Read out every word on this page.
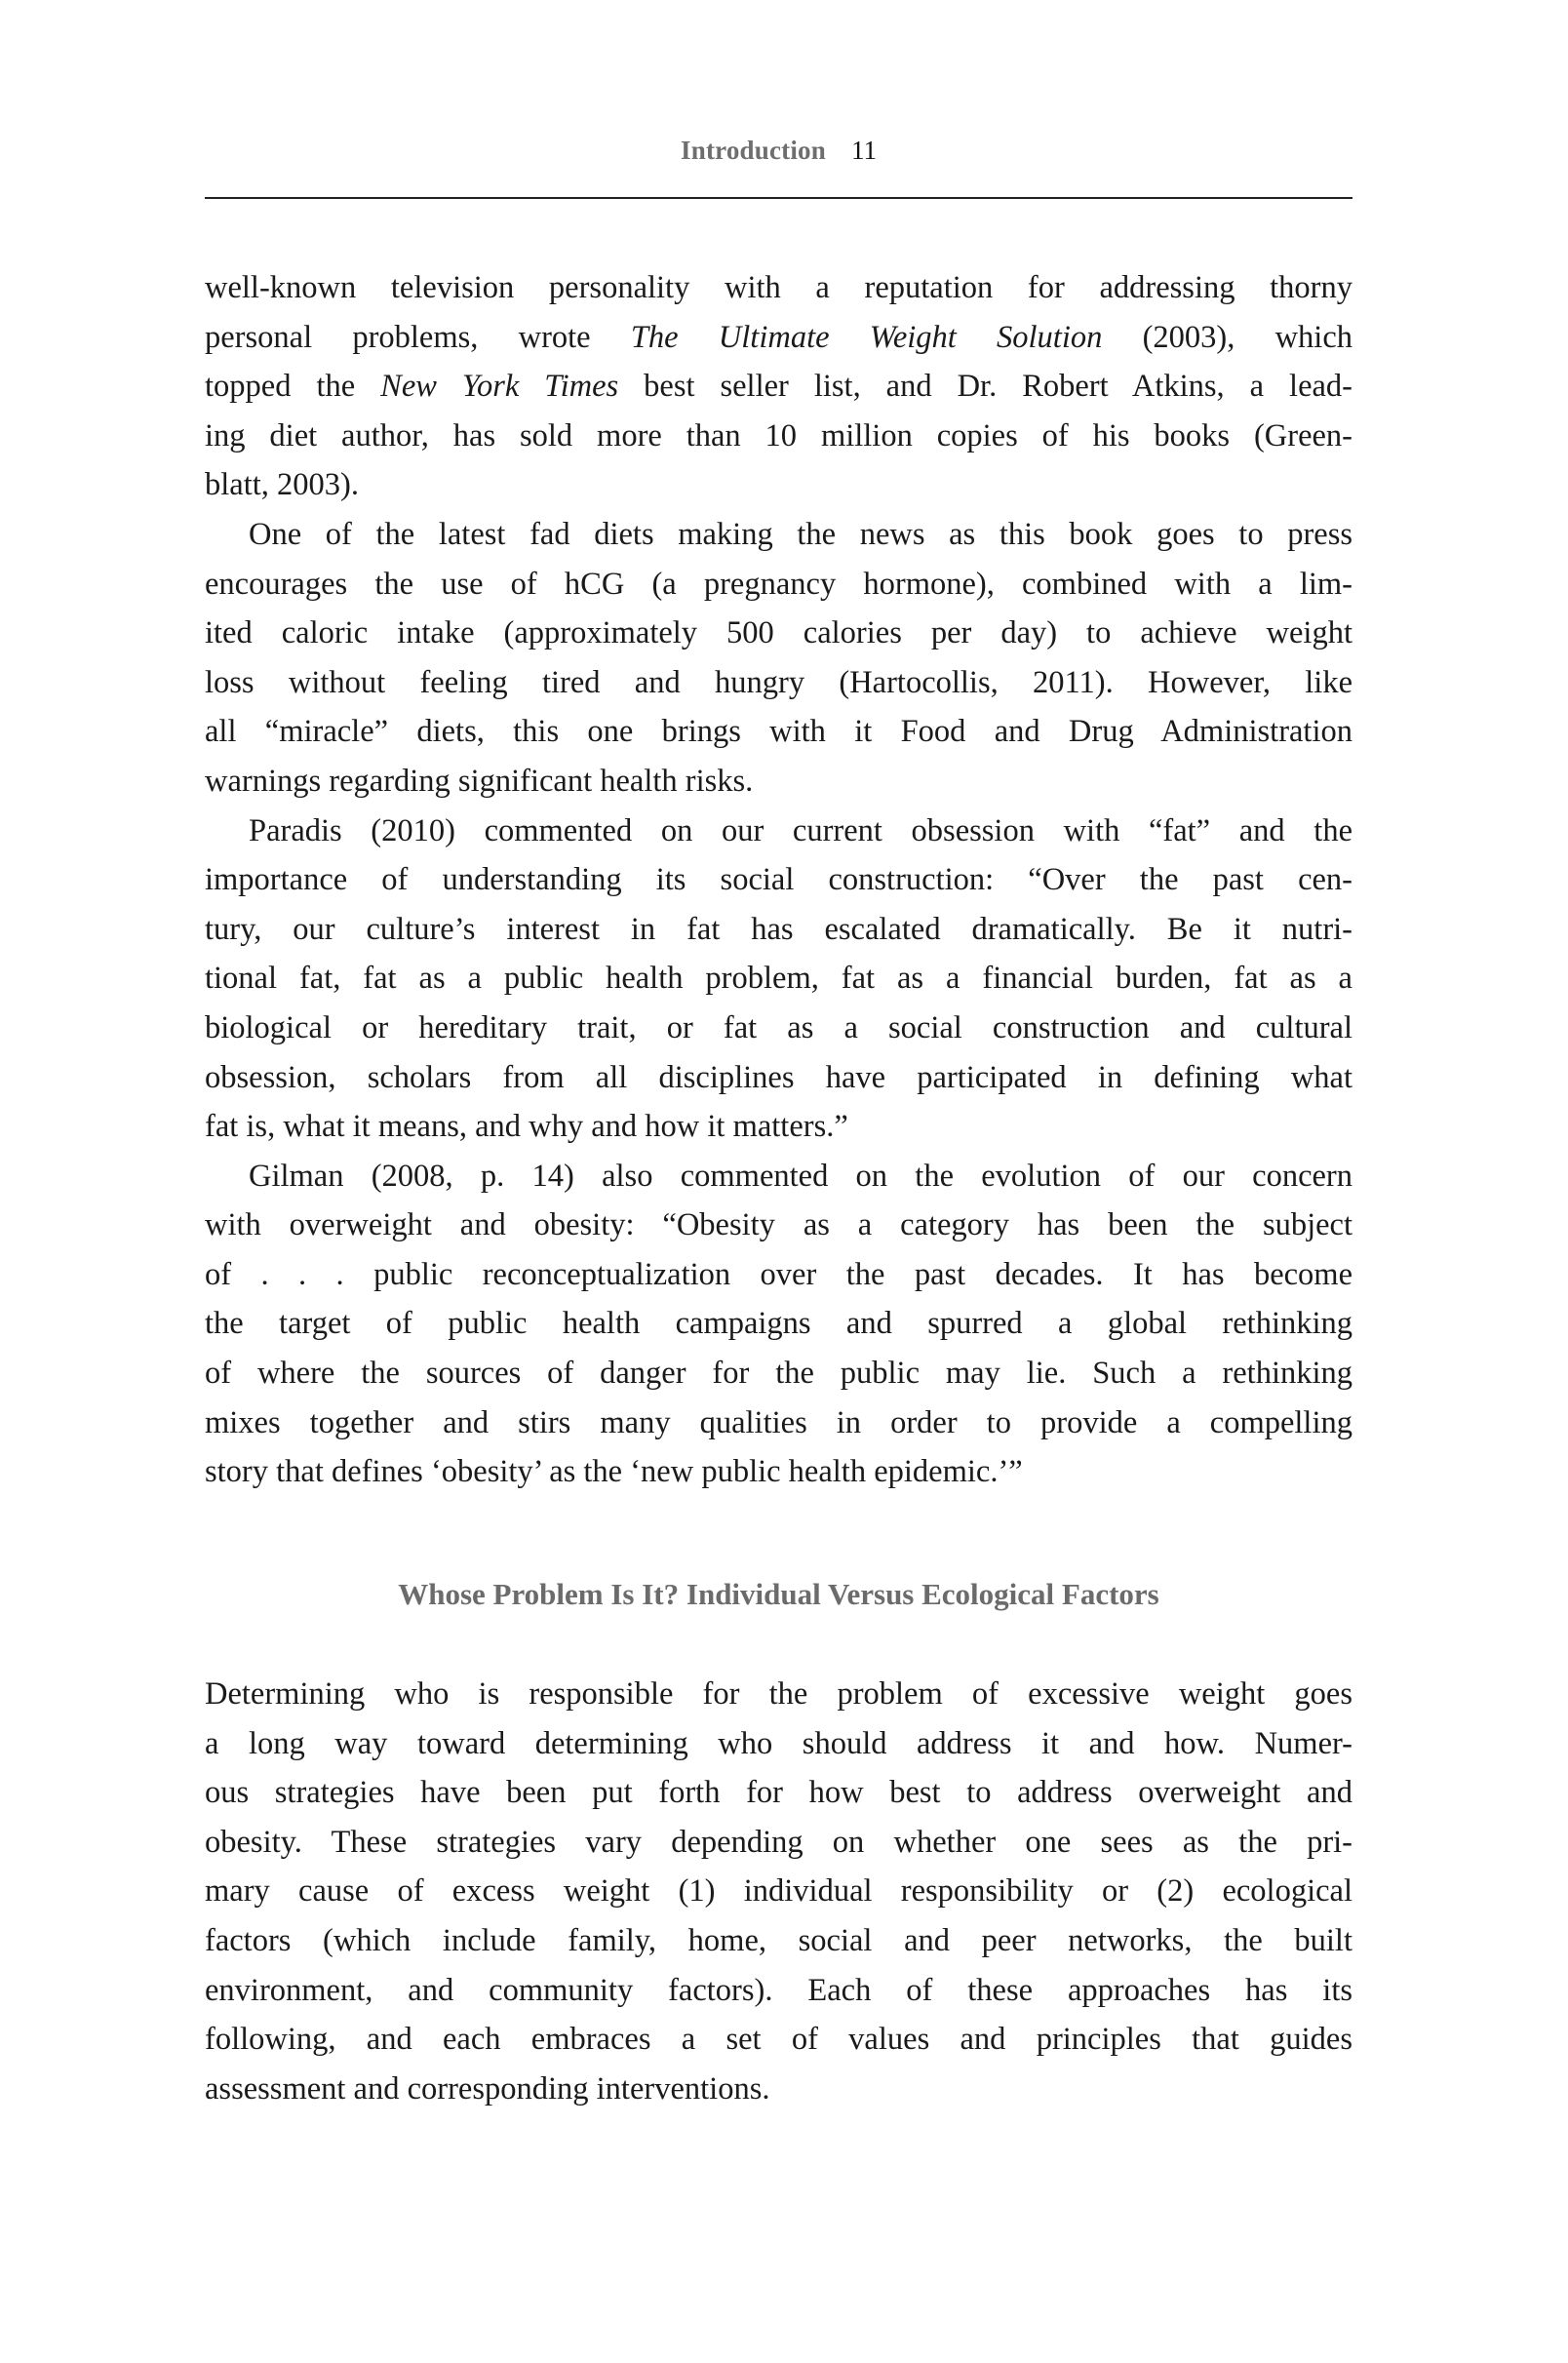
Introduction 11
well-known television personality with a reputation for addressing thorny
personal problems, wrote The Ultimate Weight Solution (2003), which
topped the New York Times best seller list, and Dr. Robert Atkins, a lead-
ing diet author, has sold more than 10 million copies of his books (Green-
blatt, 2003).
One of the latest fad diets making the news as this book goes to press
encourages the use of hCG (a pregnancy hormone), combined with a lim-
ited caloric intake (approximately 500 calories per day) to achieve weight
loss without feeling tired and hungry (Hartocollis, 2011). However, like
all “miracle” diets, this one brings with it Food and Drug Administration
warnings regarding significant health risks.
Paradis (2010) commented on our current obsession with “fat” and the
importance of understanding its social construction: “Over the past cen-
tury, our culture’s interest in fat has escalated dramatically. Be it nutri-
tional fat, fat as a public health problem, fat as a financial burden, fat as a
biological or hereditary trait, or fat as a social construction and cultural
obsession, scholars from all disciplines have participated in defining what
fat is, what it means, and why and how it matters.”
Gilman (2008, p. 14) also commented on the evolution of our concern
with overweight and obesity: “Obesity as a category has been the subject
of . . . public reconceptualization over the past decades. It has become
the target of public health campaigns and spurred a global rethinking
of where the sources of danger for the public may lie. Such a rethinking
mixes together and stirs many qualities in order to provide a compelling
story that defines ‘obesity’ as the ‘new public health epidemic.’”
Whose Problem Is It? Individual Versus Ecological Factors
Determining who is responsible for the problem of excessive weight goes
a long way toward determining who should address it and how. Numer-
ous strategies have been put forth for how best to address overweight and
obesity. These strategies vary depending on whether one sees as the pri-
mary cause of excess weight (1) individual responsibility or (2) ecological
factors (which include family, home, social and peer networks, the built
environment, and community factors). Each of these approaches has its
following, and each embraces a set of values and principles that guides
assessment and corresponding interventions.
